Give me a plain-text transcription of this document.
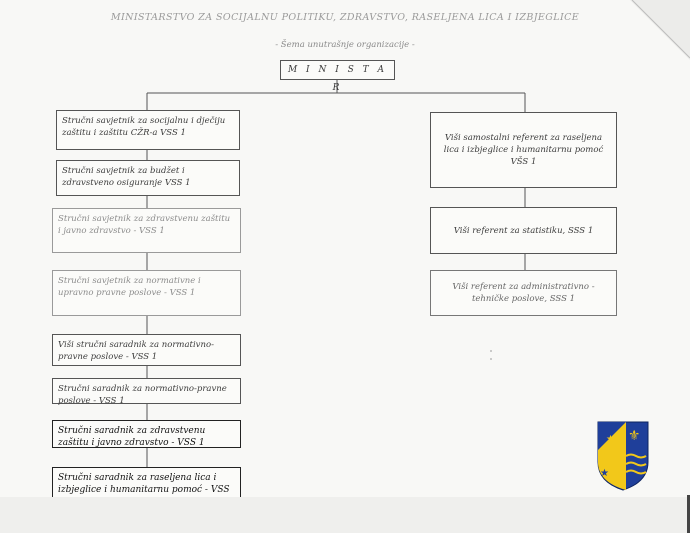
MINISTARSTVO ZA SOCIJALNU POLITIKU, ZDRAVSTVO, RASELJENA LICA I IZBJEGLICE
- Šema unutrašnje organizacije -
M I N I S T A R
Stručni savjetnik za socijalnu i dječiju zaštitu i zaštitu CŽR-a VSS 1
Stručni savjetnik za budžet i zdravstveno osiguranje VSS 1
Stručni savjetnik za zdravstvenu zaštitu i javno zdravstvo - VSS 1
Stručni savjetnik za normativne i upravno pravne poslove - VSS 1
Viši stručni saradnik za normativno-pravne poslove - VSS 1
Stručni saradnik za normativno-pravne poslove - VSS 1
Stručni saradnik za zdravstvenu zaštitu i javno zdravstvo - VSS 1
Stručni saradnik za raseljena lica i izbjeglice i humanitarnu pomoć - VSS
Viši samostalni referent za raseljena lica i izbjeglice i humanitarnu pomoć VŠS 1
Viši referent za statistiku, SSS 1
Viši referent za administrativno - tehničke poslove, SSS 1
★
★
★
⚜
